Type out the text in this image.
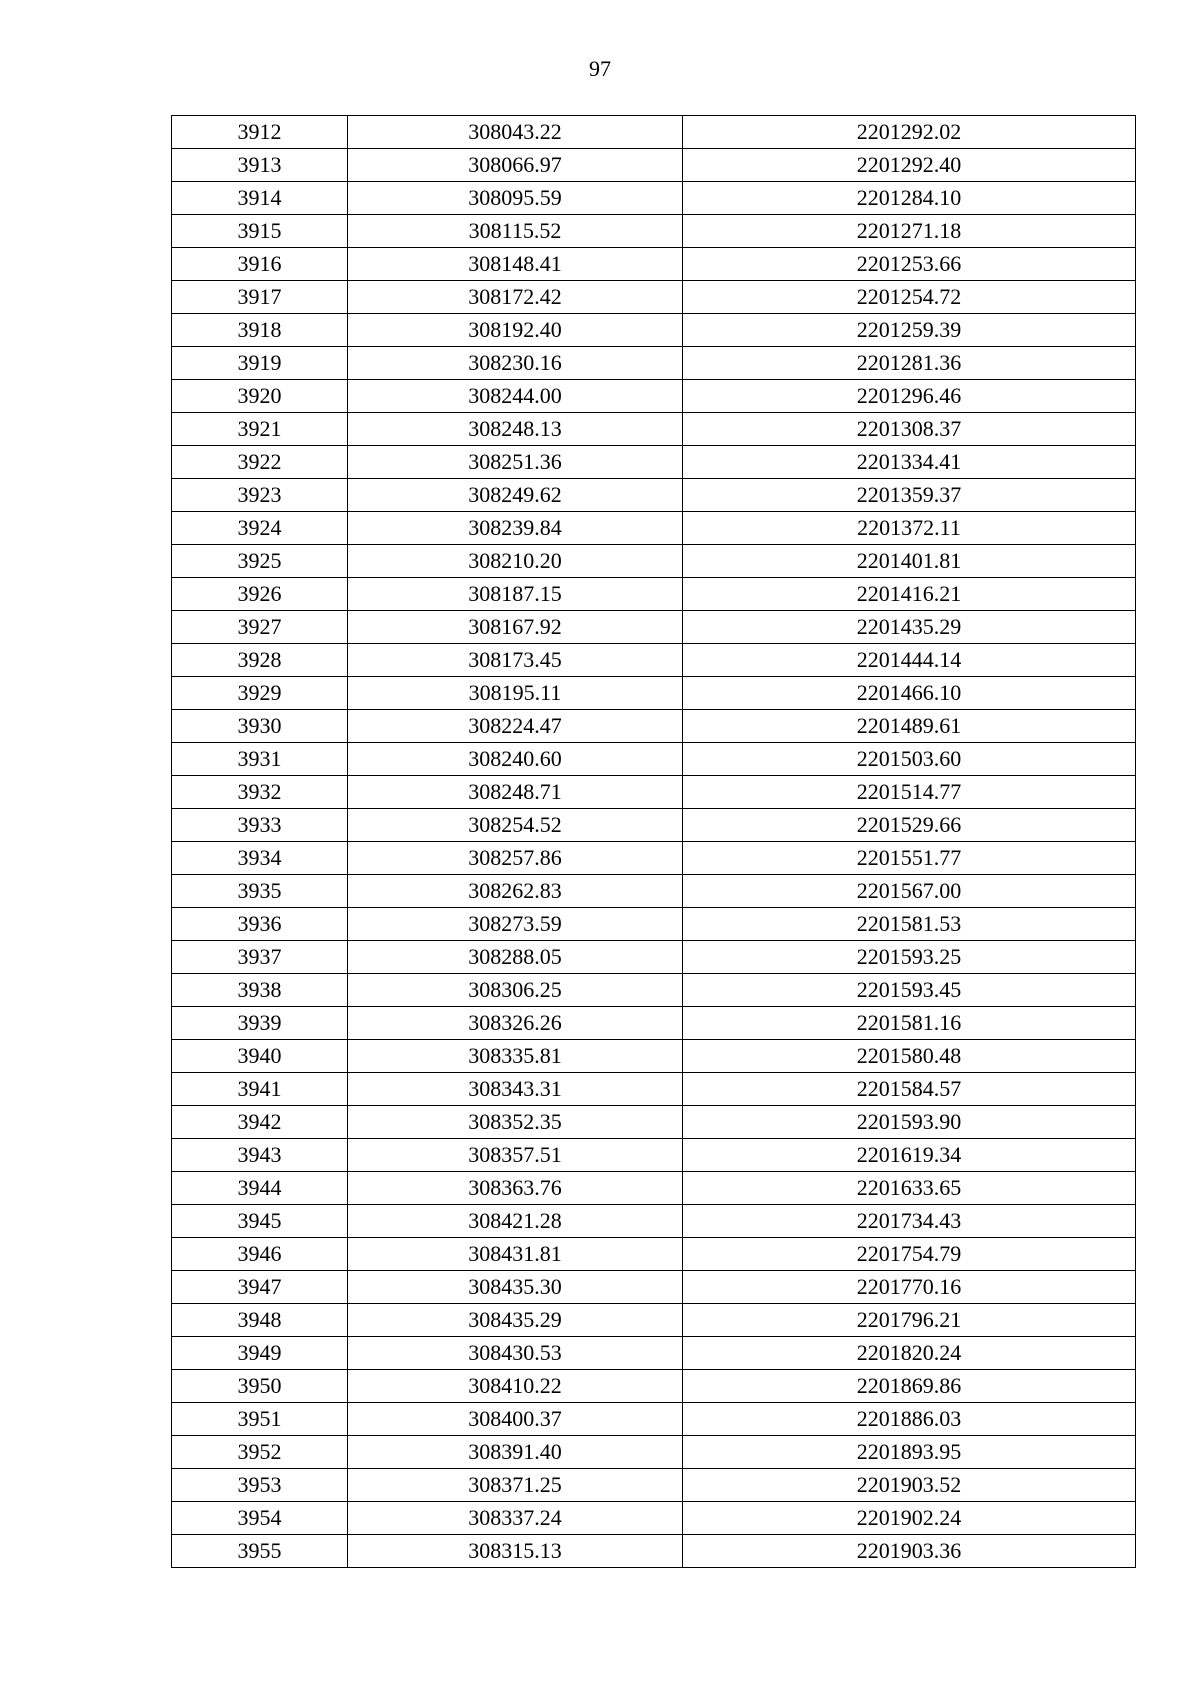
97
3912	308043.22	2201292.02
3913	308066.97	2201292.40
3914	308095.59	2201284.10
3915	308115.52	2201271.18
3916	308148.41	2201253.66
3917	308172.42	2201254.72
3918	308192.40	2201259.39
3919	308230.16	2201281.36
3920	308244.00	2201296.46
3921	308248.13	2201308.37
3922	308251.36	2201334.41
3923	308249.62	2201359.37
3924	308239.84	2201372.11
3925	308210.20	2201401.81
3926	308187.15	2201416.21
3927	308167.92	2201435.29
3928	308173.45	2201444.14
3929	308195.11	2201466.10
3930	308224.47	2201489.61
3931	308240.60	2201503.60
3932	308248.71	2201514.77
3933	308254.52	2201529.66
3934	308257.86	2201551.77
3935	308262.83	2201567.00
3936	308273.59	2201581.53
3937	308288.05	2201593.25
3938	308306.25	2201593.45
3939	308326.26	2201581.16
3940	308335.81	2201580.48
3941	308343.31	2201584.57
3942	308352.35	2201593.90
3943	308357.51	2201619.34
3944	308363.76	2201633.65
3945	308421.28	2201734.43
3946	308431.81	2201754.79
3947	308435.30	2201770.16
3948	308435.29	2201796.21
3949	308430.53	2201820.24
3950	308410.22	2201869.86
3951	308400.37	2201886.03
3952	308391.40	2201893.95
3953	308371.25	2201903.52
3954	308337.24	2201902.24
3955	308315.13	2201903.36
